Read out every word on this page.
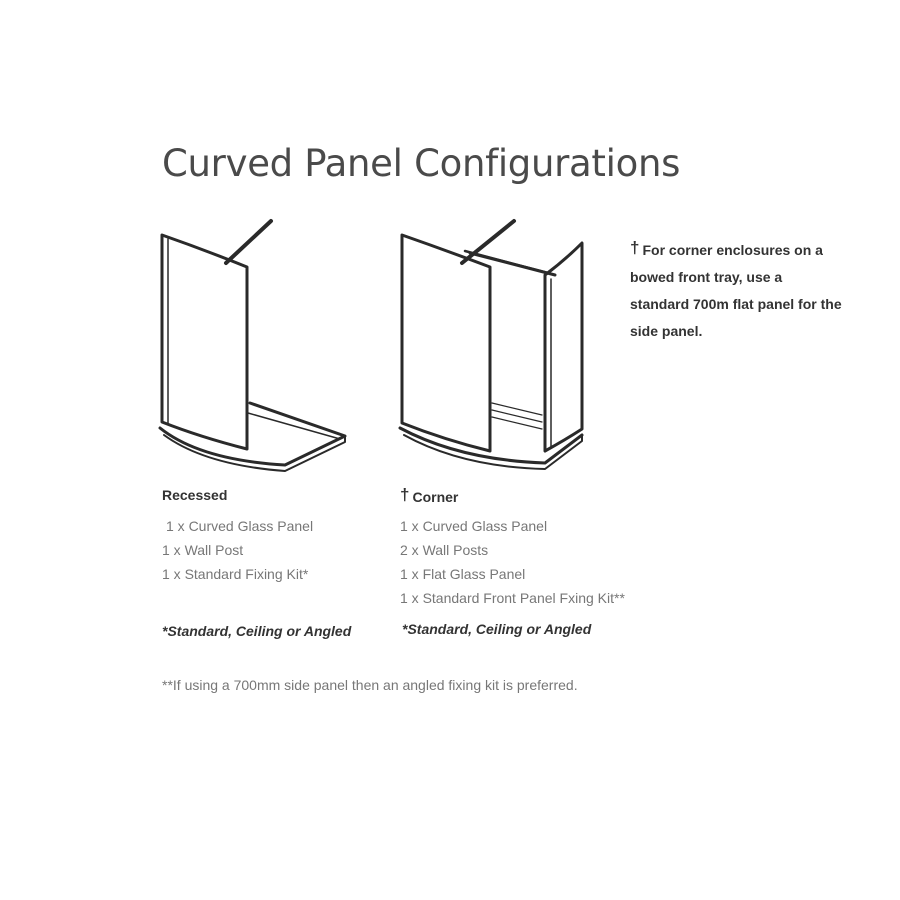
Curved Panel Configurations
† For corner enclosures on a bowed front tray, use a standard 700m flat panel for the side panel.
Recessed
1 x Curved Glass Panel
1 x Wall Post
1 x Standard Fixing Kit*
† Corner
1 x Curved Glass Panel
2 x Wall Posts
1 x Flat Glass Panel
1 x Standard Front Panel Fxing Kit**
*Standard, Ceiling or Angled	*Standard, Ceiling or Angled
**If using a 700mm side panel then an angled fixing kit is preferred.
